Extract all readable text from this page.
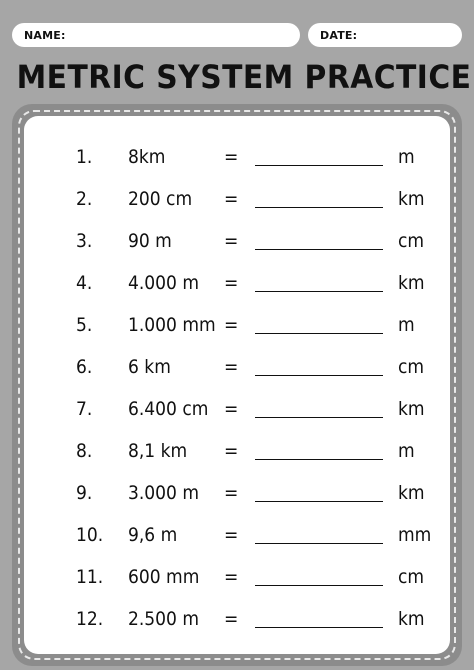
NAME:	DATE:
METRIC SYSTEM PRACTICE
1. 8km	=	m
2. 200 cm =	km
3. 90 m	=	cm
4. 4.000 m =	km
5. 1.000 mm =	m
6. 6 km	=	cm
7. 6.400 cm =	km
8. 8,1 km =	m
9. 3.000 m =	km
10. 9,6 m =	mm
11. 600 mm =	cm
12. 2.500 m =	km
